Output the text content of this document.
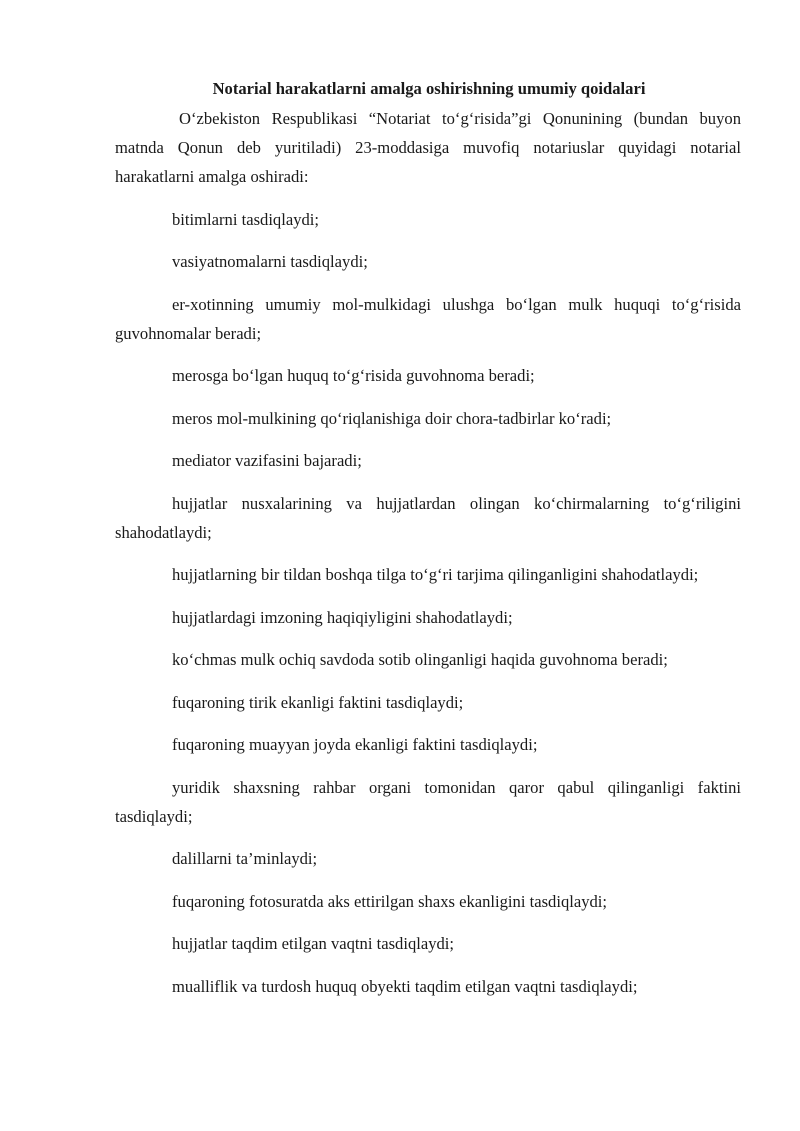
Notarial harakatlarni amalga oshirishning umumiy qoidalari

O‘zbekiston Respublikasi “Notariat to‘g‘risida”gi Qonunining (bundan buyon matnda Qonun deb yuritiladi) 23-moddasiga muvofiq notariuslar quyidagi notarial harakatlarni amalga oshiradi:

bitimlarni tasdiqlaydi;

vasiyatnomalarni tasdiqlaydi;

er-xotinning umumiy mol-mulkidagi ulushga bo‘lgan mulk huquqi to‘g‘risida guvohnomalar beradi;

merosga bo‘lgan huquq to‘g‘risida guvohnoma beradi;

meros mol-mulkining qo‘riqlanishiga doir chora-tadbirlar ko‘radi;

mediator vazifasini bajaradi;

hujjatlar nusxalarining va hujjatlardan olingan ko‘chirmalarning to‘g‘riligini shahodatlaydi;

hujjatlarning bir tildan boshqa tilga to‘g‘ri tarjima qilinganligini shahodatlaydi;

hujjatlardagi imzoning haqiqiyligini shahodatlaydi;

ko‘chmas mulk ochiq savdoda sotib olinganligi haqida guvohnoma beradi;

fuqaroning tirik ekanligi faktini tasdiqlaydi;

fuqaroning muayyan joyda ekanligi faktini tasdiqlaydi;

yuridik shaxsning rahbar organi tomonidan qaror qabul qilinganligi faktini tasdiqlaydi;

dalillarni ta’minlaydi;

fuqaroning fotosuratda aks ettirilgan shaxs ekanligini tasdiqlaydi;

hujjatlar taqdim etilgan vaqtni tasdiqlaydi;

mualliflik va turdosh huquq obyekti taqdim etilgan vaqtni tasdiqlaydi;
